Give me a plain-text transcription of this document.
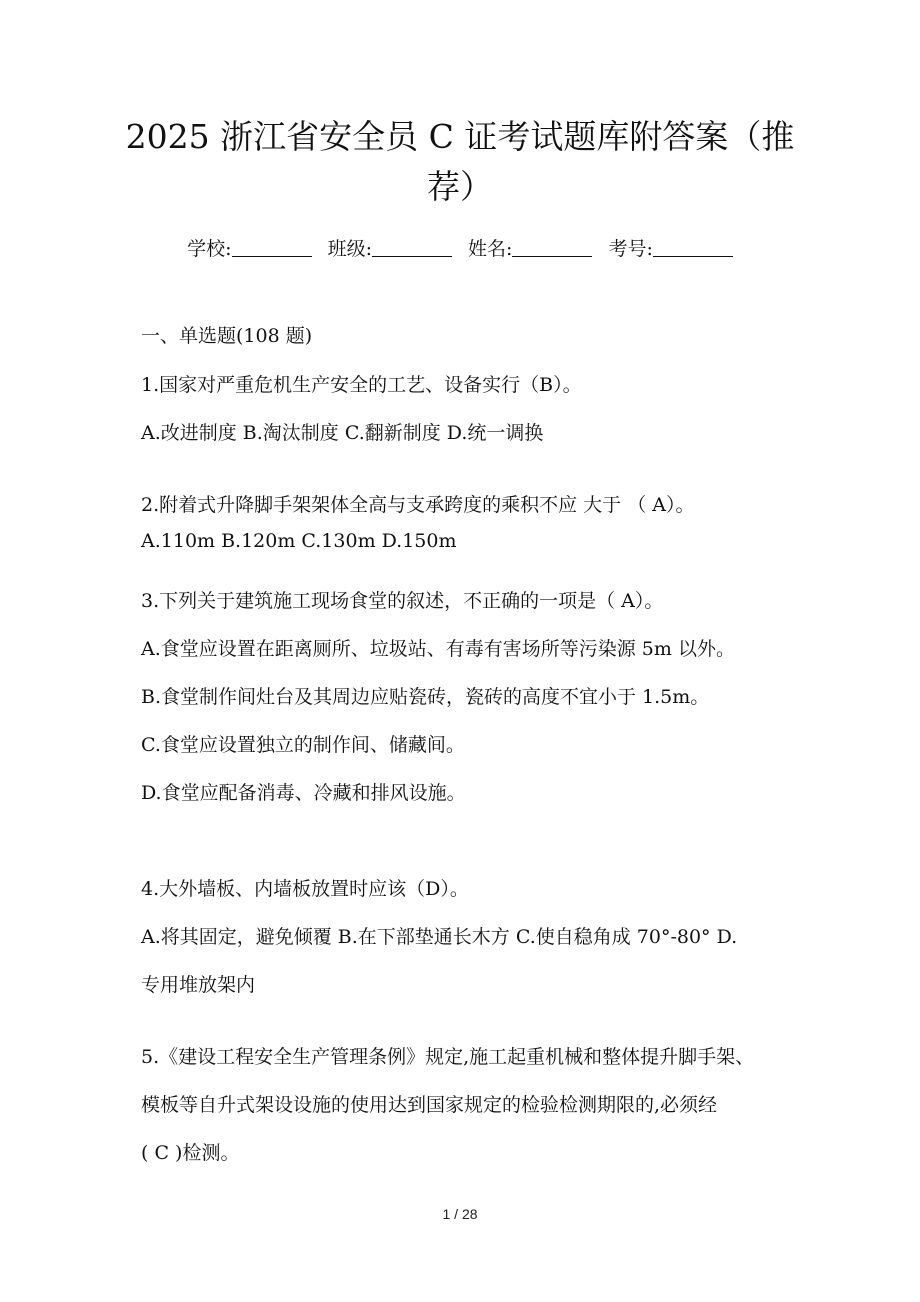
2025 浙江省安全员 C 证考试题库附答案（推
荐）
学校:	班级:	姓名:	考号:
一、单选题(108 题)
1.国家对严重危机生产安全的工艺、设备实行（B）。
A.改进制度 B.淘汰制度 C.翻新制度 D.统一调换
2.附着式升降脚手架架体全高与支承跨度的乘积不应 大于 （ A）。
A.110m B.120m C.130m D.150m
3.下列关于建筑施工现场食堂的叙述，不正确的一项是（ A）。
A.食堂应设置在距离厕所、垃圾站、有毒有害场所等污染源 5m 以外。
B.食堂制作间灶台及其周边应贴瓷砖，瓷砖的高度不宜小于 1.5m。
C.食堂应设置独立的制作间、储藏间。
D.食堂应配备消毒、冷藏和排风设施。
4.大外墙板、内墙板放置时应该（D）。
A.将其固定，避免倾覆 B.在下部垫通长木方 C.使自稳角成 70°-80° D.
专用堆放架内
5.《建设工程安全生产管理条例》规定,施工起重机械和整体提升脚手架、
模板等自升式架设设施的使用达到国家规定的检验检测期限的,必须经
( C )检测。
1 / 28
